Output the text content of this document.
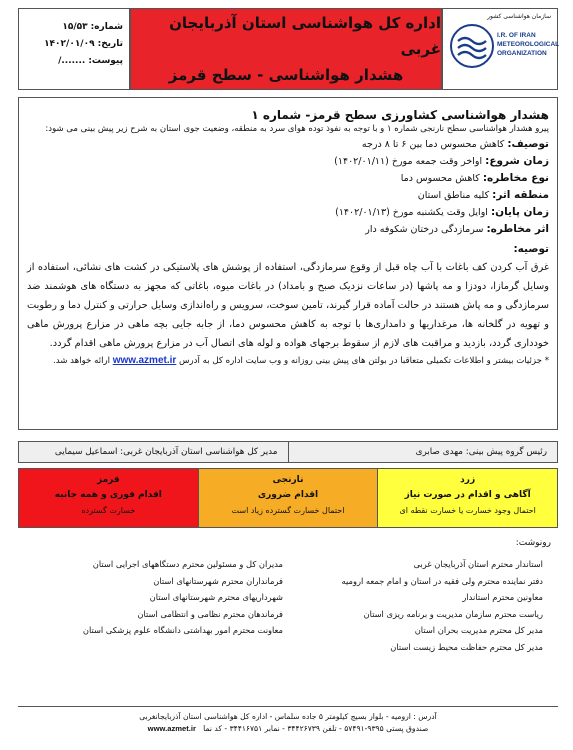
شماره:
۱۵/۵۳
تاریخ:
۱۴۰۲/۰۱/۰۹
پیوست:
......./
اداره کل هواشناسی استان آذربایجان غربی
هشدار هواشناسی - سطح قرمز
سازمان هواشناسی کشور
I.R. OF IRAN
METEOROLOGICAL
ORGANIZATION
هشدار هواشناسی کشاورزی سطح قرمز- شماره ۱
پیرو هشدار هواشناسی سطح نارنجی شماره ۱ و با توجه به نفوذ توده هوای سرد به منطقه، وضعیت جوی استان به شرح زیر پیش بینی می شود:
توصیف: کاهش محسوس دما بین ۶ تا ۸ درجه
زمان شروع: اواخر وقت جمعه مورخ (۱۴۰۲/۰۱/۱۱)
نوع مخاطره: کاهش محسوس دما
منطقه اثر: کلیه مناطق استان
زمان پایان: اوایل وقت یکشنبه مورخ (۱۴۰۲/۰۱/۱۳)
اثر مخاطره: سرمازدگی درختان شکوفه دار
توصیه:
غرق آب کردن کف باغات با آب چاه قبل از وقوع سرمازدگی، استفاده از پوشش های پلاستیکی در کشت های نشائی، استفاده از وسایل گرمازا، دودزا و مه پاشها (در ساعات نزدیک صبح و بامداد) در باغات میوه، باغاتی که مجهز به دستگاه های هوشمند ضد سرمازدگی و مه پاش هستند در حالت آماده قرار گیرند، تامین سوخت، سرویس و راه‌اندازی وسایل حرارتی و کنترل دما و رطوبت و تهویه در گلخانه ها، مرغداریها و دامداری‌ها با توجه به کاهش محسوس دما، از جابه جایی بچه ماهی در مزارع پرورش ماهی خودداری گردد، بازدید و مراقبت های لازم از سقوط برجهای هواده و لوله های اتصال آب در مزارع پرورش ماهی اقدام گردد.
* جزئیات بیشتر و اطلاعات تکمیلی متعاقبا در بولتن های پیش بینی روزانه و وب سایت اداره کل به آدرس www.azmet.ir ارائه خواهد شد.
رئیس گروه پیش بینی: مهدی صابری
مدیر کل هواشناسی استان آذربایجان غربی: اسماعیل سیمایی
زرد
آگاهی و اقدام در صورت نیاز
احتمال وجود خسارت یا خسارت نقطه ای
نارنجی
اقدام ضروری
احتمال خسارت گسترده زیاد است
قرمز
اقدام فوری و همه جانبه
خسارت گسترده
رونوشت:
استاندار محترم استان آذربایجان غربی
دفتر نماینده محترم ولی فقیه در استان و امام جمعه ارومیه
معاونین محترم استاندار
ریاست محترم سازمان مدیریت و برنامه ریزی استان
مدیر کل محترم مدیریت بحران استان
مدیر کل محترم حفاظت محیط زیست استان
مدیران کل و مسئولین محترم دستگاههای اجرایی استان
فرمانداران محترم شهرستانهای استان
شهرداریهای محترم شهرستانهای استان
فرماندهان محترم نظامی و انتظامی استان
معاونت محترم امور بهداشتی دانشگاه علوم پزشکی استان
آدرس : ارومیه - بلوار بسیج کیلومتر ۵ جاده سلماس - اداره کل هواشناسی استان آذربایجانغربی
صندوق پستی ۹۳۹۵-۵۷۴۹۱ - تلفن ۳۴۴۲۶۷۳۹ - نمابر ۳۴۴۱۶۷۵۱ - کد نما   www.azmet.ir
